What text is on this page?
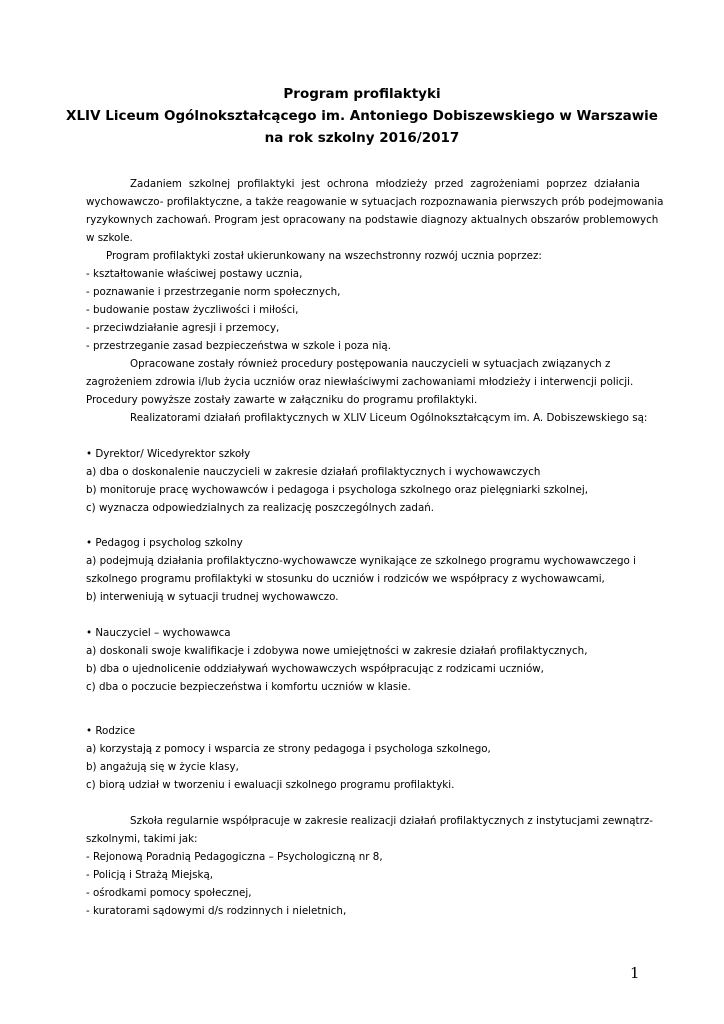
Program profilaktyki
XLIV Liceum Ogólnokształcącego im. Antoniego Dobiszewskiego w Warszawie
na rok szkolny 2016/2017
Zadaniem szkolnej profilaktyki jest ochrona młodzieży przed zagrożeniami poprzez działania
wychowawczo- profilaktyczne, a także reagowanie w sytuacjach rozpoznawania pierwszych prób podejmowania
ryzykownych zachowań. Program jest opracowany na podstawie diagnozy aktualnych obszarów problemowych
w szkole.
Program profilaktyki został ukierunkowany na wszechstronny rozwój ucznia poprzez:
- kształtowanie właściwej postawy ucznia,
- poznawanie i przestrzeganie norm społecznych,
- budowanie postaw życzliwości i miłości,
- przeciwdziałanie agresji i przemocy,
- przestrzeganie zasad bezpieczeństwa w szkole i poza nią.
Opracowane zostały również procedury postępowania nauczycieli w sytuacjach związanych z
zagrożeniem zdrowia i/lub życia uczniów oraz niewłaściwymi zachowaniami młodzieży i interwencji policji.
Procedury powyższe zostały zawarte w załączniku do programu profilaktyki.
Realizatorami działań profilaktycznych w XLIV Liceum Ogólnokształcącym im. A. Dobiszewskiego są:
• Dyrektor/ Wicedyrektor szkoły
a) dba o doskonalenie nauczycieli w zakresie działań profilaktycznych i wychowawczych
b) monitoruje pracę wychowawców i pedagoga i psychologa szkolnego oraz pielęgniarki szkolnej,
c) wyznacza odpowiedzialnych za realizację poszczególnych zadań.
• Pedagog i psycholog szkolny
a) podejmują działania profilaktyczno-wychowawcze wynikające ze szkolnego programu wychowawczego i
szkolnego programu profilaktyki w stosunku do uczniów i rodziców we współpracy z wychowawcami,
b) interweniują w sytuacji trudnej wychowawczo.
• Nauczyciel – wychowawca
a) doskonali swoje kwalifikacje i zdobywa nowe umiejętności w zakresie działań profilaktycznych,
b) dba o ujednolicenie oddziaływań wychowawczych współpracując z rodzicami uczniów,
c) dba o poczucie bezpieczeństwa i komfortu uczniów w klasie.
• Rodzice
a) korzystają z pomocy i wsparcia ze strony pedagoga i psychologa szkolnego,
b) angażują się w życie klasy,
c) biorą udział w tworzeniu i ewaluacji szkolnego programu profilaktyki.
Szkoła regularnie współpracuje w zakresie realizacji działań profilaktycznych z instytucjami zewnątrz-
szkolnymi, takimi jak:
- Rejonową Poradnią Pedagogiczna – Psychologiczną nr 8,
- Policją i Strażą Miejską,
- ośrodkami pomocy społecznej,
- kuratorami sądowymi d/s rodzinnych i nieletnich,
1
